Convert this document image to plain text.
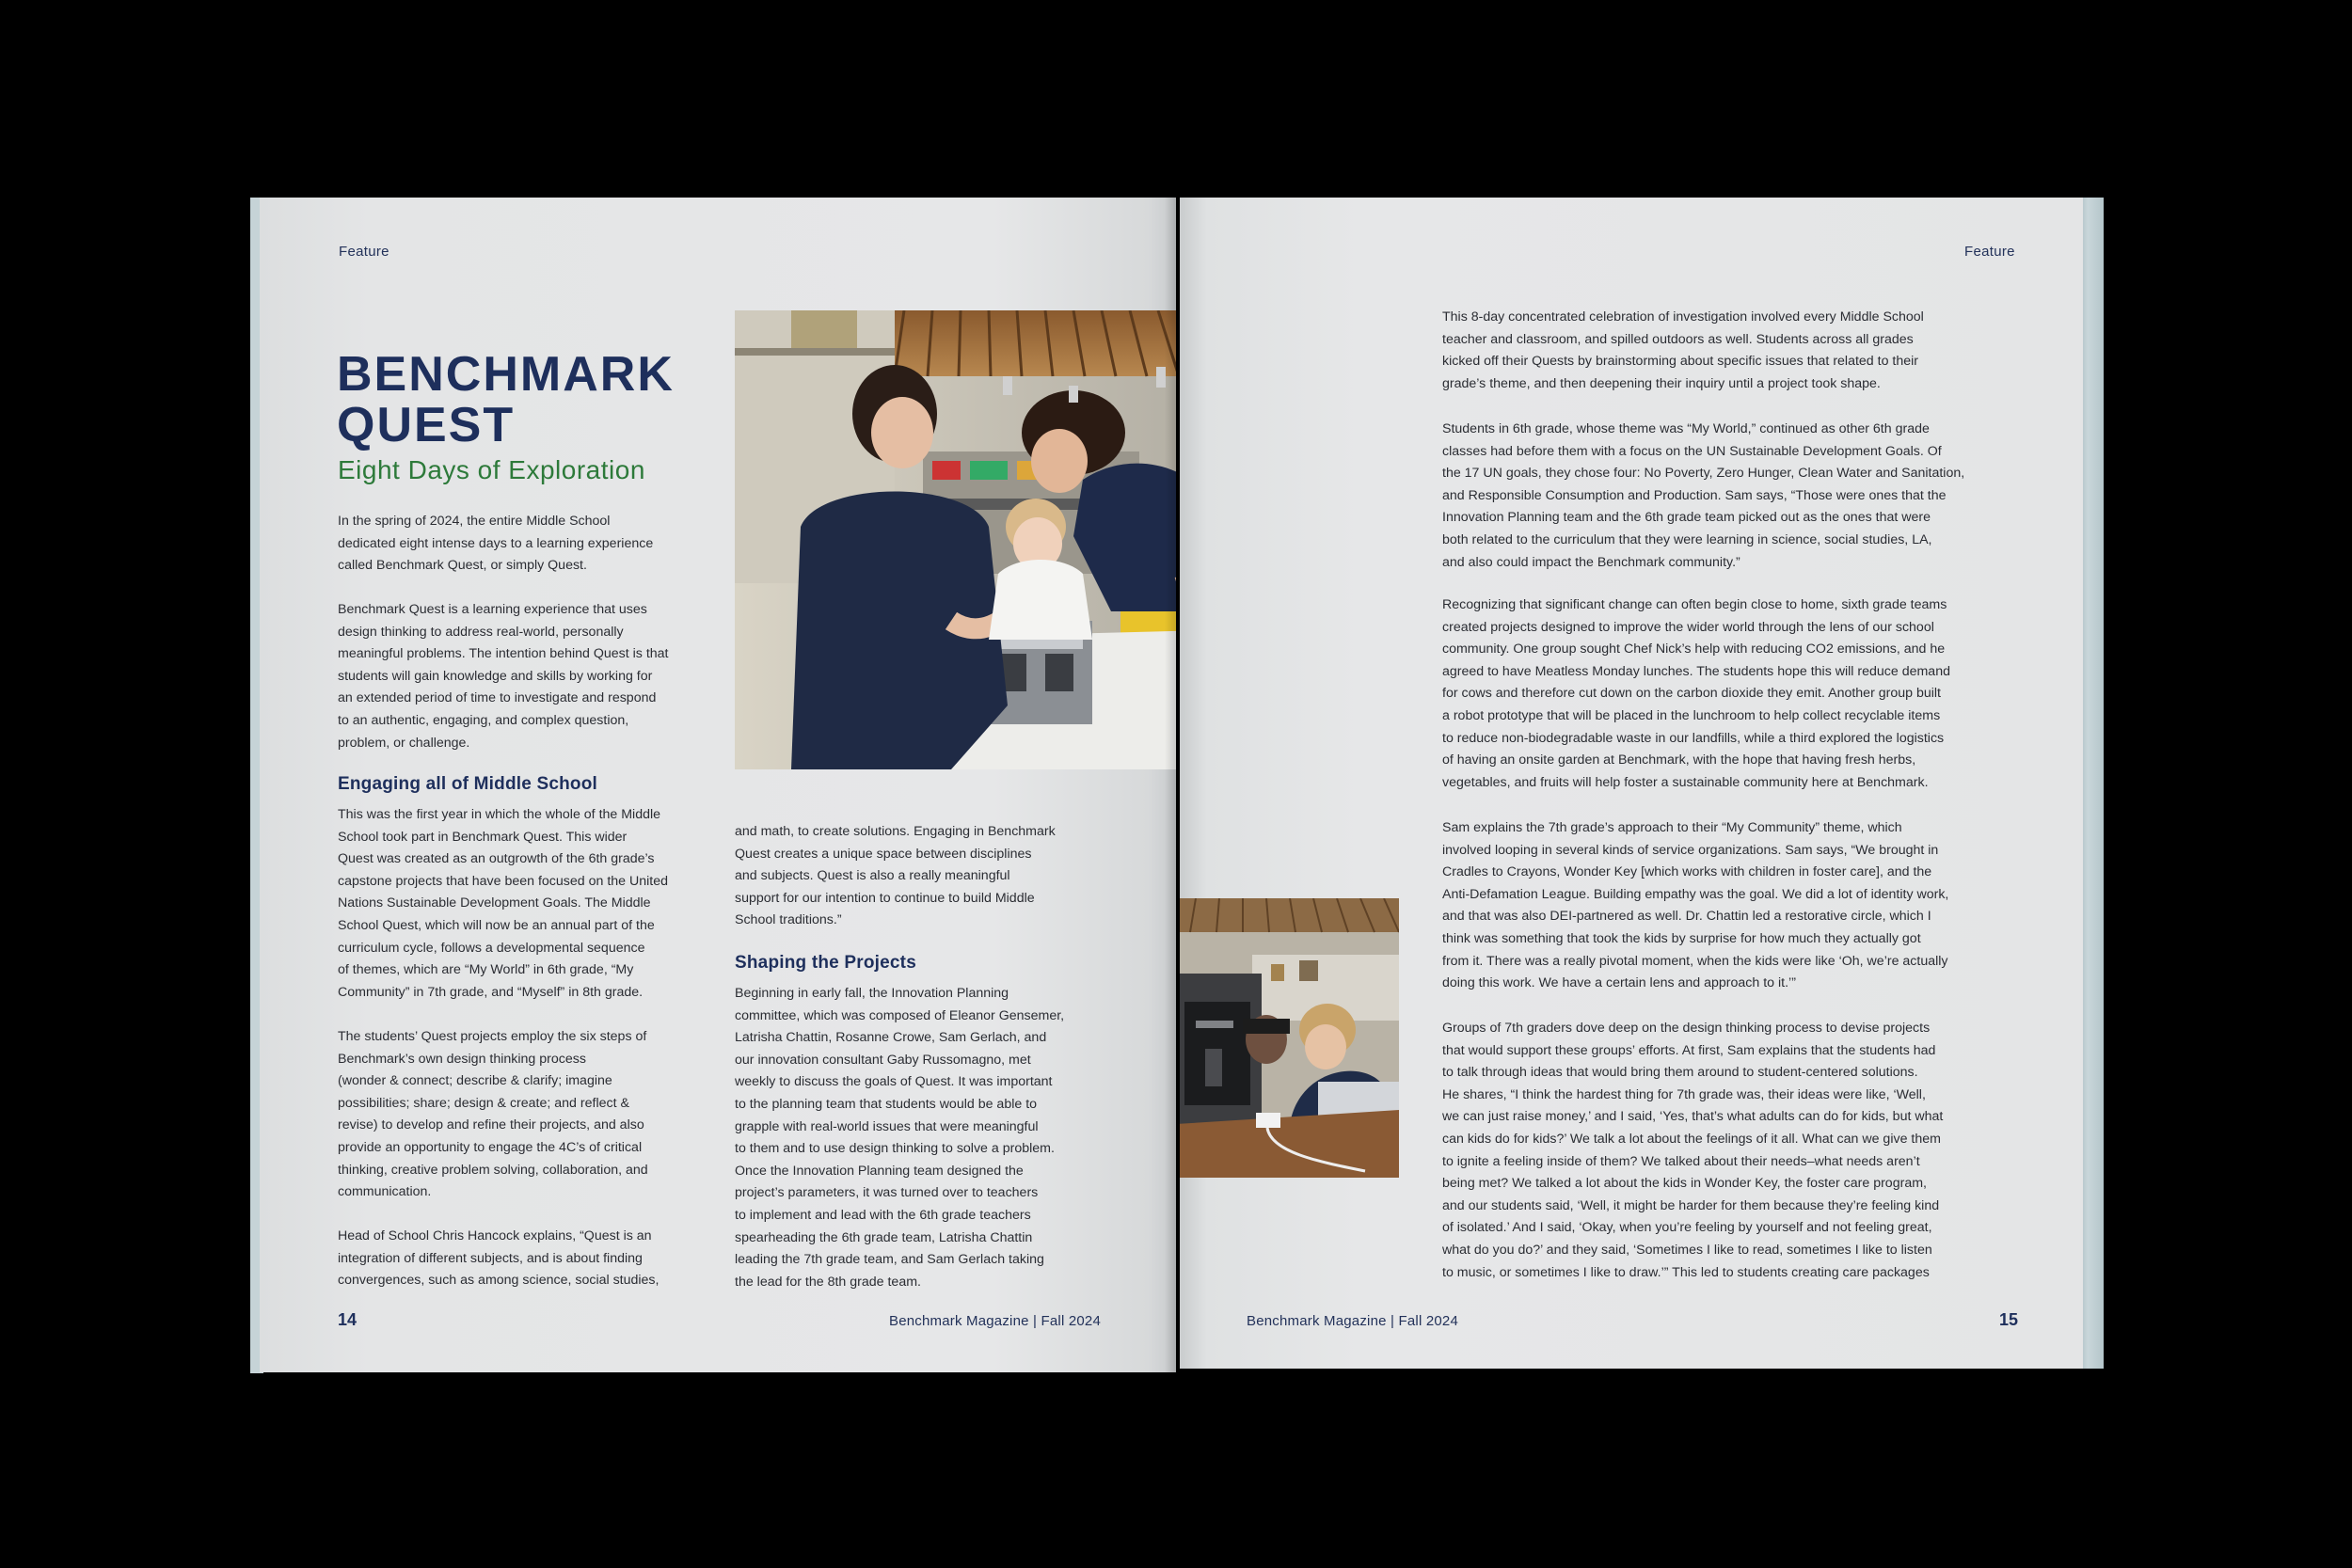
Feature
BENCHMARK
QUEST
Eight Days of Exploration
In the spring of 2024, the entire Middle School
dedicated eight intense days to a learning experience
called Benchmark Quest, or simply Quest.
Benchmark Quest is a learning experience that uses
design thinking to address real-world, personally
meaningful problems. The intention behind Quest is that
students will gain knowledge and skills by working for
an extended period of time to investigate and respond
to an authentic, engaging, and complex question,
problem, or challenge.
Engaging all of Middle School
This was the first year in which the whole of the Middle
School took part in Benchmark Quest. This wider
Quest was created as an outgrowth of the 6th grade’s
capstone projects that have been focused on the United
Nations Sustainable Development Goals. The Middle
School Quest, which will now be an annual part of the
curriculum cycle, follows a developmental sequence
of themes, which are “My World” in 6th grade, “My
Community” in 7th grade, and “Myself” in 8th grade.
The students’ Quest projects employ the six steps of
Benchmark’s own design thinking process
(wonder & connect; describe & clarify; imagine
possibilities; share; design & create; and reflect &
revise) to develop and refine their projects, and also
provide an opportunity to engage the 4C’s of critical
thinking, creative problem solving, collaboration, and
communication.
Head of School Chris Hancock explains, “Quest is an
integration of different subjects, and is about finding
convergences, such as among science, social studies,
and math, to create solutions. Engaging in Benchmark
Quest creates a unique space between disciplines
and subjects. Quest is also a really meaningful
support for our intention to continue to build Middle
School traditions.”
Shaping the Projects
Beginning in early fall, the Innovation Planning
committee, which was composed of Eleanor Gensemer,
Latrisha Chattin, Rosanne Crowe, Sam Gerlach, and
our innovation consultant Gaby Russomagno, met
weekly to discuss the goals of Quest. It was important
to the planning team that students would be able to
grapple with real-world issues that were meaningful
to them and to use design thinking to solve a problem.
Once the Innovation Planning team designed the
project’s parameters, it was turned over to teachers
to implement and lead with the 6th grade teachers
spearheading the 6th grade team, Latrisha Chattin
leading the 7th grade team, and Sam Gerlach taking
the lead for the 8th grade team.
14	Benchmark Magazine | Fall 2024
Feature
This 8-day concentrated celebration of investigation involved every Middle School
teacher and classroom, and spilled outdoors as well. Students across all grades
kicked off their Quests by brainstorming about specific issues that related to their
grade’s theme, and then deepening their inquiry until a project took shape.
Students in 6th grade, whose theme was “My World,” continued as other 6th grade
classes had before them with a focus on the UN Sustainable Development Goals. Of
the 17 UN goals, they chose four: No Poverty, Zero Hunger, Clean Water and Sanitation,
and Responsible Consumption and Production. Sam says, “Those were ones that the
Innovation Planning team and the 6th grade team picked out as the ones that were
both related to the curriculum that they were learning in science, social studies, LA,
and also could impact the Benchmark community.”
Recognizing that significant change can often begin close to home, sixth grade teams
created projects designed to improve the wider world through the lens of our school
community. One group sought Chef Nick’s help with reducing CO2 emissions, and he
agreed to have Meatless Monday lunches. The students hope this will reduce demand
for cows and therefore cut down on the carbon dioxide they emit. Another group built
a robot prototype that will be placed in the lunchroom to help collect recyclable items
to reduce non-biodegradable waste in our landfills, while a third explored the logistics
of having an onsite garden at Benchmark, with the hope that having fresh herbs,
vegetables, and fruits will help foster a sustainable community here at Benchmark.
Sam explains the 7th grade’s approach to their “My Community” theme, which
involved looping in several kinds of service organizations. Sam says, “We brought in
Cradles to Crayons, Wonder Key [which works with children in foster care], and the
Anti-Defamation League. Building empathy was the goal. We did a lot of identity work,
and that was also DEI-partnered as well. Dr. Chattin led a restorative circle, which I
think was something that took the kids by surprise for how much they actually got
from it. There was a really pivotal moment, when the kids were like ‘Oh, we’re actually
doing this work. We have a certain lens and approach to it.’”
Groups of 7th graders dove deep on the design thinking process to devise projects
that would support these groups’ efforts. At first, Sam explains that the students had
to talk through ideas that would bring them around to student-centered solutions.
He shares, “I think the hardest thing for 7th grade was, their ideas were like, ‘Well,
we can just raise money,’ and I said, ‘Yes, that’s what adults can do for kids, but what
can kids do for kids?’ We talk a lot about the feelings of it all. What can we give them
to ignite a feeling inside of them? We talked about their needs–what needs aren’t
being met? We talked a lot about the kids in Wonder Key, the foster care program,
and our students said, ‘Well, it might be harder for them because they’re feeling kind
of isolated.’ And I said, ‘Okay, when you’re feeling by yourself and not feeling great,
what do you do?’ and they said, ‘Sometimes I like to read, sometimes I like to listen
to music, or sometimes I like to draw.’” This led to students creating care packages
Benchmark Magazine | Fall 2024	15
